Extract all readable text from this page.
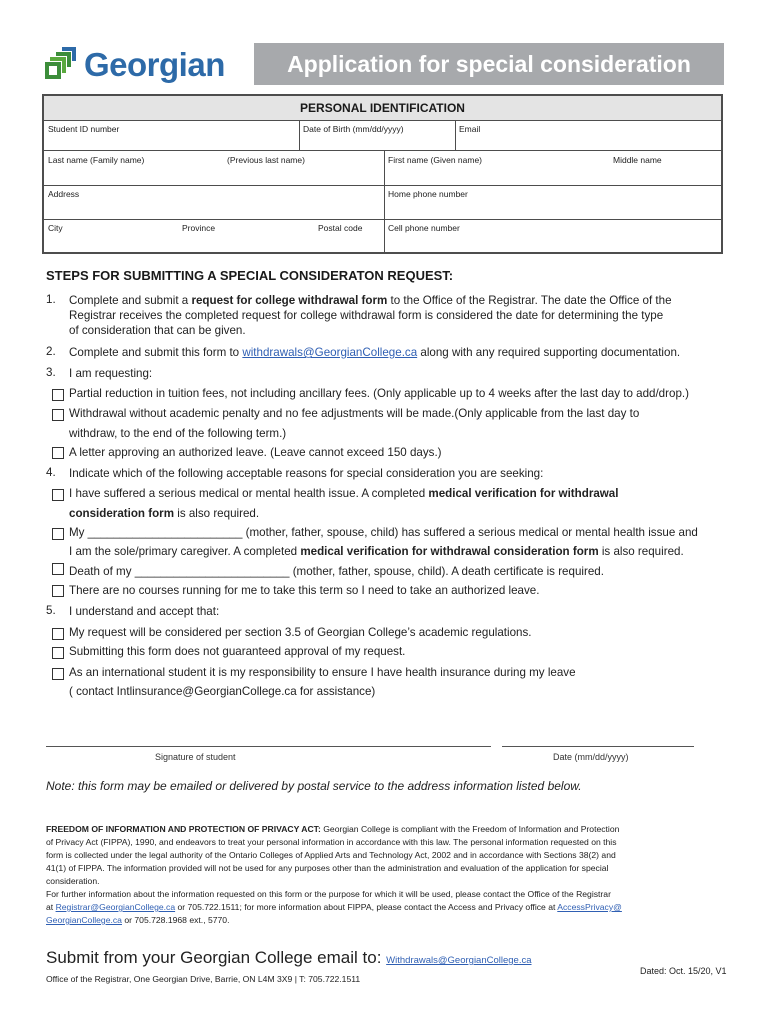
Georgian	Application for special consideration
PERSONAL IDENTIFICATION
Student ID number	Date of Birth (mm/dd/yyyy)	Email
Last name (Family name)	(Previous last name)	First name (Given name)	Middle name
Address	Home phone number
City	Province	Postal code	Cell phone number
STEPS FOR SUBMITTING A SPECIAL CONSIDERATON REQUEST:
1. Complete and submit a request for college withdrawal form to the Office of the Registrar. The date the Office of the
Registrar receives the completed request for college withdrawal form is considered the date for determining the type
of consideration that can be given.
2. Complete and submit this form to withdrawals@GeorgianCollege.ca along with any required supporting documentation.
3. I am requesting:
Partial reduction in tuition fees, not including ancillary fees. (Only applicable up to 4 weeks after the last day to add/drop.)
Withdrawal without academic penalty and no fee adjustments will be made.(Only applicable from the last day to
withdraw, to the end of the following term.)
A letter approving an authorized leave. (Leave cannot exceed 150 days.)
4. Indicate which of the following acceptable reasons for special consideration you are seeking:
I have suffered a serious medical or mental health issue. A completed medical verification for withdrawal
consideration form is also required.
My ________________________ (mother, father, spouse, child) has suffered a serious medical or mental health issue and
I am the sole/primary caregiver. A completed medical verification for withdrawal consideration form is also required.
Death of my ________________________ (mother, father, spouse, child). A death certificate is required.
There are no courses running for me to take this term so I need to take an authorized leave.
5. I understand and accept that:
My request will be considered per section 3.5 of Georgian College’s academic regulations.
Submitting this form does not guaranteed approval of my request.
As an international student it is my responsibility to ensure I have health insurance during my leave
( contact Intlinsurance@GeorgianCollege.ca for assistance)
Signature of student	Date (mm/dd/yyyy)
Note: this form may be emailed or delivered by postal service to the address information listed below.
FREEDOM OF INFORMATION AND PROTECTION OF PRIVACY ACT: Georgian College is compliant with the Freedom of Information and Protection
of Privacy Act (FIPPA), 1990, and endeavors to treat your personal information in accordance with this law. The personal information requested on this
form is collected under the legal authority of the Ontario Colleges of Applied Arts and Technology Act, 2002 and in accordance with Sections 38(2) and
41(1) of FIPPA. The information provided will not be used for any purposes other than the administration and evaluation of the application for special
consideration.
For further information about the information requested on this form or the purpose for which it will be used, please contact the Office of the Registrar
at Registrar@GeorgianCollege.ca or 705.722.1511; for more information about FIPPA, please contact the Access and Privacy office at AccessPrivacy@
GeorgianCollege.ca or 705.728.1968 ext., 5770.
Submit from your Georgian College email to: Withdrawals@GeorgianCollege.ca
Office of the Registrar, One Georgian Drive, Barrie, ON L4M 3X9 | T: 705.722.1511
Dated: Oct. 15/20, V1
